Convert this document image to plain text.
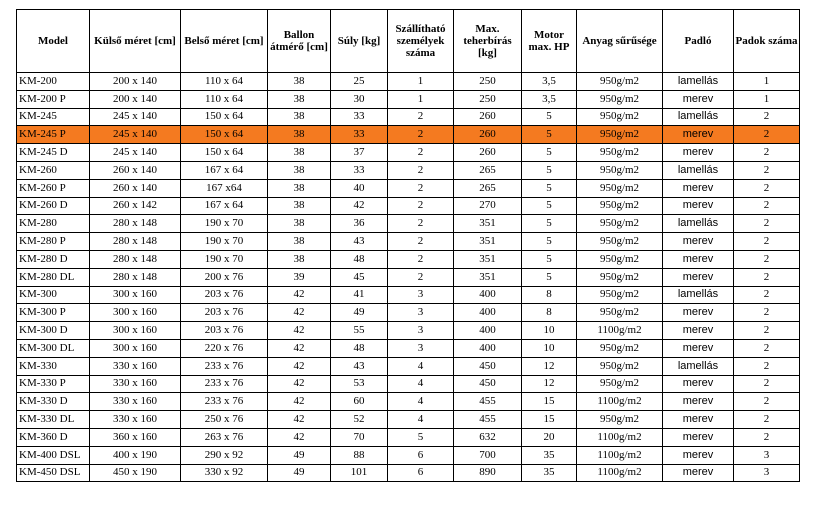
Model	Külső méret [cm]	Belső méret [cm]	Ballon átmérő [cm]	Súly [kg]	Szállítható személyek száma	Max. teherbírás [kg]	Motor max. HP	Anyag sűrűsége	Padló	Padok száma
KM-200	200 x 140	110 x 64	38	25	1	250	3,5	950g/m2	lamellás	1
KM-200 P	200 x 140	110 x 64	38	30	1	250	3,5	950g/m2	merev	1
KM-245	245 x 140	150 x 64	38	33	2	260	5	950g/m2	lamellás	2
KM-245 P	245 x 140	150 x 64	38	33	2	260	5	950g/m2	merev	2
KM-245 D	245 x 140	150 x 64	38	37	2	260	5	950g/m2	merev	2
KM-260	260 x 140	167 x 64	38	33	2	265	5	950g/m2	lamellás	2
KM-260 P	260 x 140	167 x64	38	40	2	265	5	950g/m2	merev	2
KM-260 D	260 x 142	167 x 64	38	42	2	270	5	950g/m2	merev	2
KM-280	280 x 148	190 x 70	38	36	2	351	5	950g/m2	lamellás	2
KM-280 P	280 x 148	190 x 70	38	43	2	351	5	950g/m2	merev	2
KM-280 D	280 x 148	190 x 70	38	48	2	351	5	950g/m2	merev	2
KM-280 DL	280 x 148	200 x 76	39	45	2	351	5	950g/m2	merev	2
KM-300	300 x 160	203 x 76	42	41	3	400	8	950g/m2	lamellás	2
KM-300 P	300 x 160	203 x 76	42	49	3	400	8	950g/m2	merev	2
KM-300 D	300 x 160	203 x 76	42	55	3	400	10	1100g/m2	merev	2
KM-300 DL	300 x 160	220 x 76	42	48	3	400	10	950g/m2	merev	2
KM-330	330 x 160	233 x 76	42	43	4	450	12	950g/m2	lamellás	2
KM-330 P	330 x 160	233 x 76	42	53	4	450	12	950g/m2	merev	2
KM-330 D	330 x 160	233 x 76	42	60	4	455	15	1100g/m2	merev	2
KM-330 DL	330 x 160	250 x 76	42	52	4	455	15	950g/m2	merev	2
KM-360 D	360 x 160	263 x 76	42	70	5	632	20	1100g/m2	merev	2
KM-400 DSL	400 x 190	290 x 92	49	88	6	700	35	1100g/m2	merev	3
KM-450 DSL	450 x 190	330 x 92	49	101	6	890	35	1100g/m2	merev	3
